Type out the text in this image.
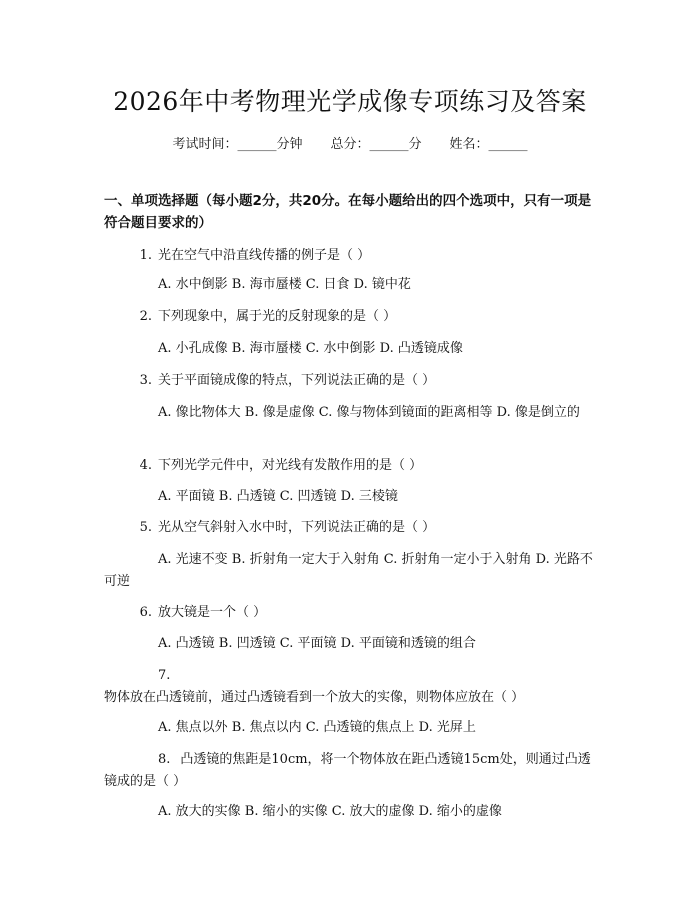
2026年中考物理光学成像专项练习及答案
考试时间：______分钟 总分：______分 姓名：______
一、单项选择题（每小题2分，共20分。在每小题给出的四个选项中，只有一项是符合题目要求的）
1. 光在空气中沿直线传播的例子是（ ）
A. 水中倒影 B. 海市蜃楼 C. 日食 D. 镜中花
2. 下列现象中，属于光的反射现象的是（ ）
A. 小孔成像 B. 海市蜃楼 C. 水中倒影 D. 凸透镜成像
3. 关于平面镜成像的特点，下列说法正确的是（ ）
A. 像比物体大 B. 像是虚像 C. 像与物体到镜面的距离相等 D. 像是倒立的
4. 下列光学元件中，对光线有发散作用的是（ ）
A. 平面镜 B. 凸透镜 C. 凹透镜 D. 三棱镜
5. 光从空气斜射入水中时，下列说法正确的是（ ）
A. 光速不变 B. 折射角一定大于入射角 C. 折射角一定小于入射角 D. 光路不可逆
6. 放大镜是一个（ ）
A. 凸透镜 B. 凹透镜 C. 平面镜 D. 平面镜和透镜的组合
7.物体放在凸透镜前，通过凸透镜看到一个放大的实像，则物体应放在（ ）
A. 焦点以外 B. 焦点以内 C. 凸透镜的焦点上 D. 光屏上
8. 凸透镜的焦距是10cm，将一个物体放在距凸透镜15cm处，则通过凸透镜成的是（ ）
A. 放大的实像 B. 缩小的实像 C. 放大的虚像 D. 缩小的虚像
